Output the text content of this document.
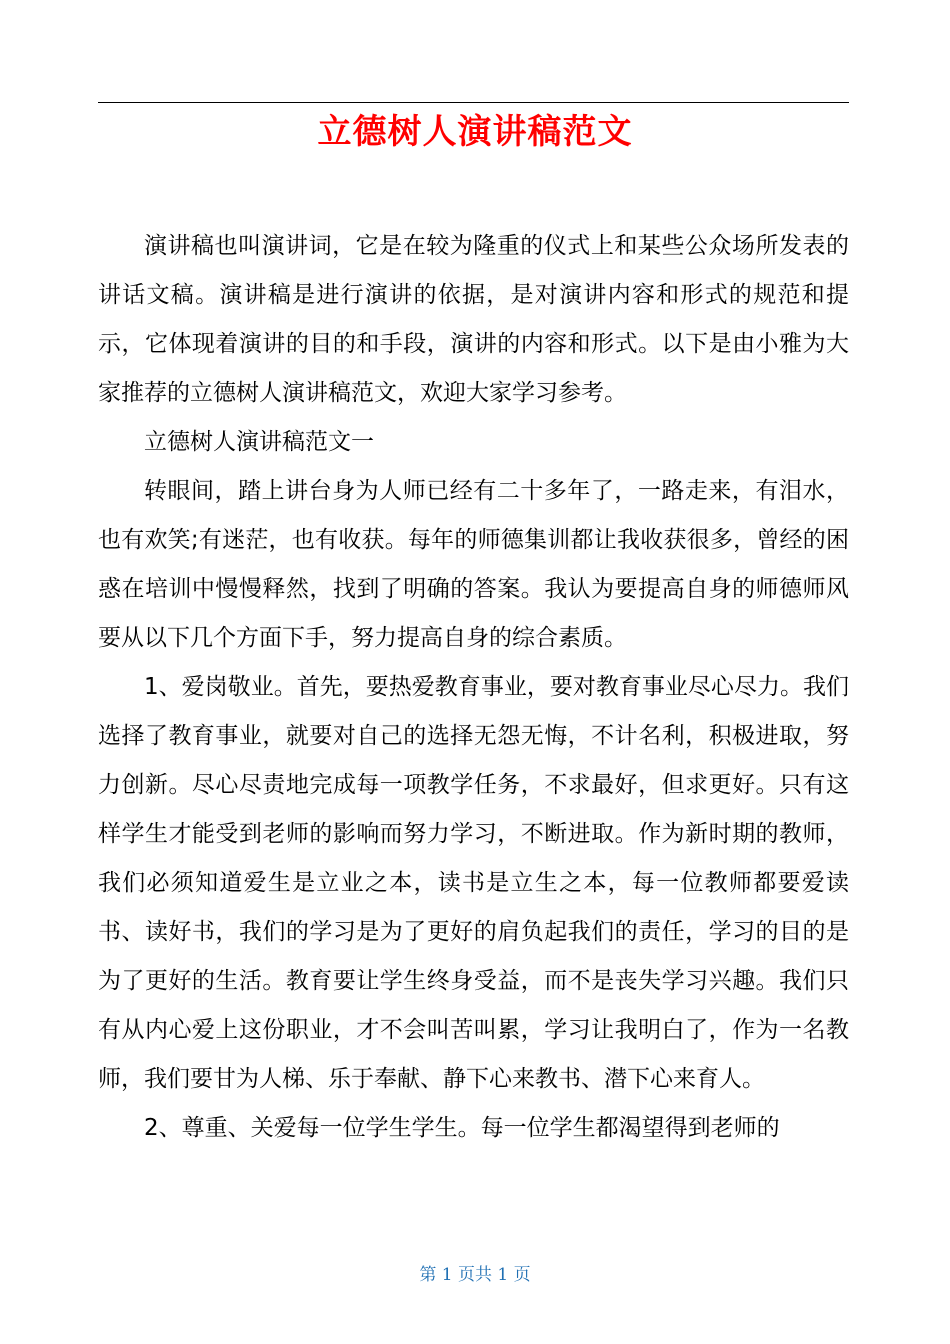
立德树人演讲稿范文

演讲稿也叫演讲词，它是在较为隆重的仪式上和某些公众场所发表的讲话文稿。演讲稿是进行演讲的依据，是对演讲内容和形式的规范和提示，它体现着演讲的目的和手段，演讲的内容和形式。以下是由小雅为大家推荐的立德树人演讲稿范文，欢迎大家学习参考。

立德树人演讲稿范文一

转眼间，踏上讲台身为人师已经有二十多年了，一路走来，有泪水，也有欢笑;有迷茫，也有收获。每年的师德集训都让我收获很多，曾经的困惑在培训中慢慢释然，找到了明确的答案。我认为要提高自身的师德师风要从以下几个方面下手，努力提高自身的综合素质。

1、爱岗敬业。首先，要热爱教育事业，要对教育事业尽心尽力。我们选择了教育事业，就要对自己的选择无怨无悔，不计名利，积极进取，努力创新。尽心尽责地完成每一项教学任务，不求最好，但求更好。只有这样学生才能受到老师的影响而努力学习，不断进取。作为新时期的教师，我们必须知道爱生是立业之本，读书是立生之本，每一位教师都要爱读书、读好书，我们的学习是为了更好的肩负起我们的责任，学习的目的是为了更好的生活。教育要让学生终身受益，而不是丧失学习兴趣。我们只有从内心爱上这份职业，才不会叫苦叫累，学习让我明白了，作为一名教师，我们要甘为人梯、乐于奉献、静下心来教书、潜下心来育人。

2、尊重、关爱每一位学生学生。每一位学生都渴望得到老师的

第 1 页共 1 页
